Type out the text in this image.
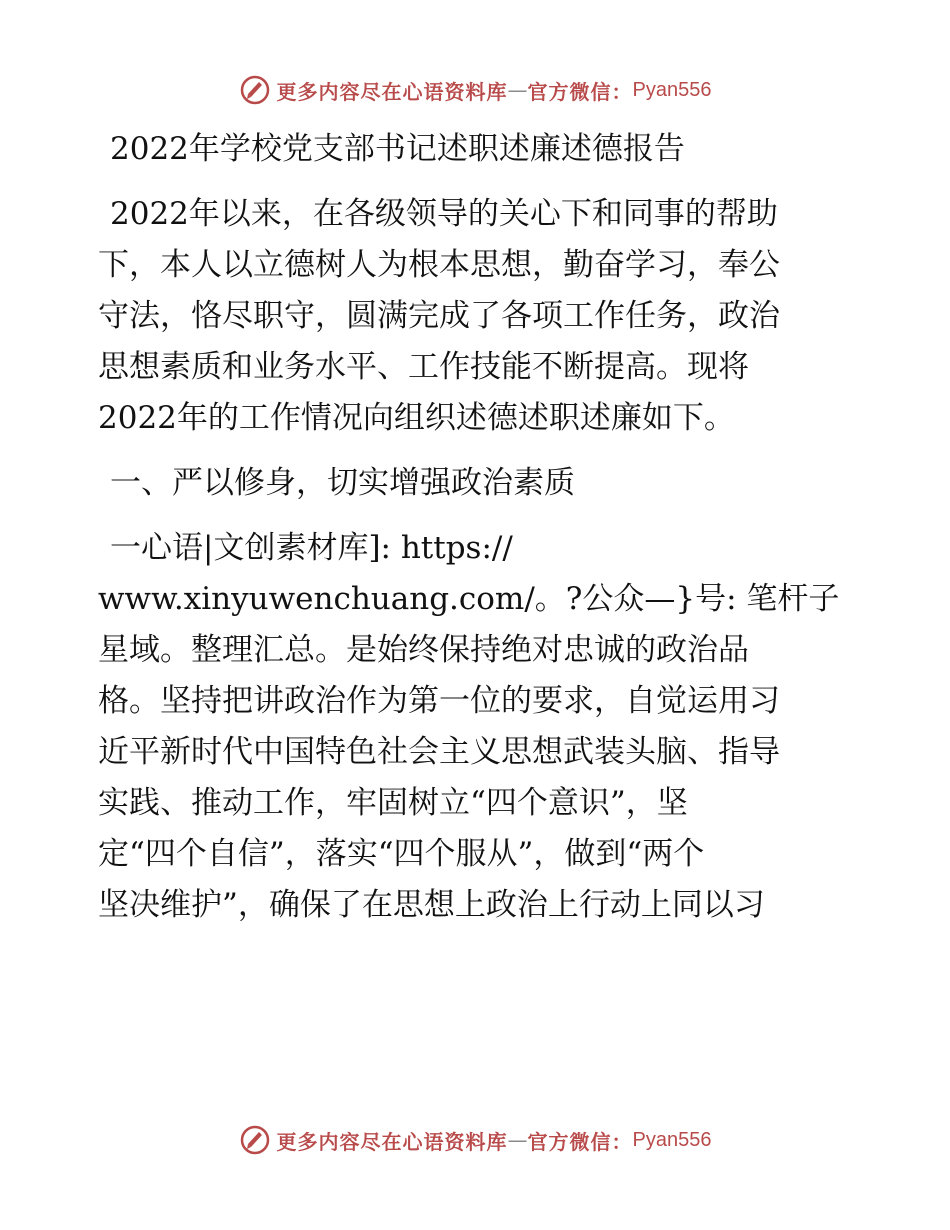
更多内容尽在心语资料库 — 官方微信： Pyan556
2022年学校党支部书记述职述廉述德报告
2022年以来，在各级领导的关心下和同事的帮助
下，本人以立德树人为根本思想，勤奋学习，奉公
守法，恪尽职守，圆满完成了各项工作任务，政治
思想素质和业务水平、工作技能不断提高。现将
2022年的工作情况向组织述德述职述廉如下。
一、严以修身，切实增强政治素质
一心语|文创素材库]: https://
www.xinyuwenchuang.com/。?公众—}号: 笔杆子
星域。整理汇总。是始终保持绝对忠诚的政治品
格。坚持把讲政治作为第一位的要求，自觉运用习
近平新时代中国特色社会主义思想武装头脑、指导
实践、推动工作，牢固树立“四个意识”，坚
定“四个自信”，落实“四个服从”，做到“两个
坚决维护”，确保了在思想上政治上行动上同以习
更多内容尽在心语资料库 — 官方微信： Pyan556
